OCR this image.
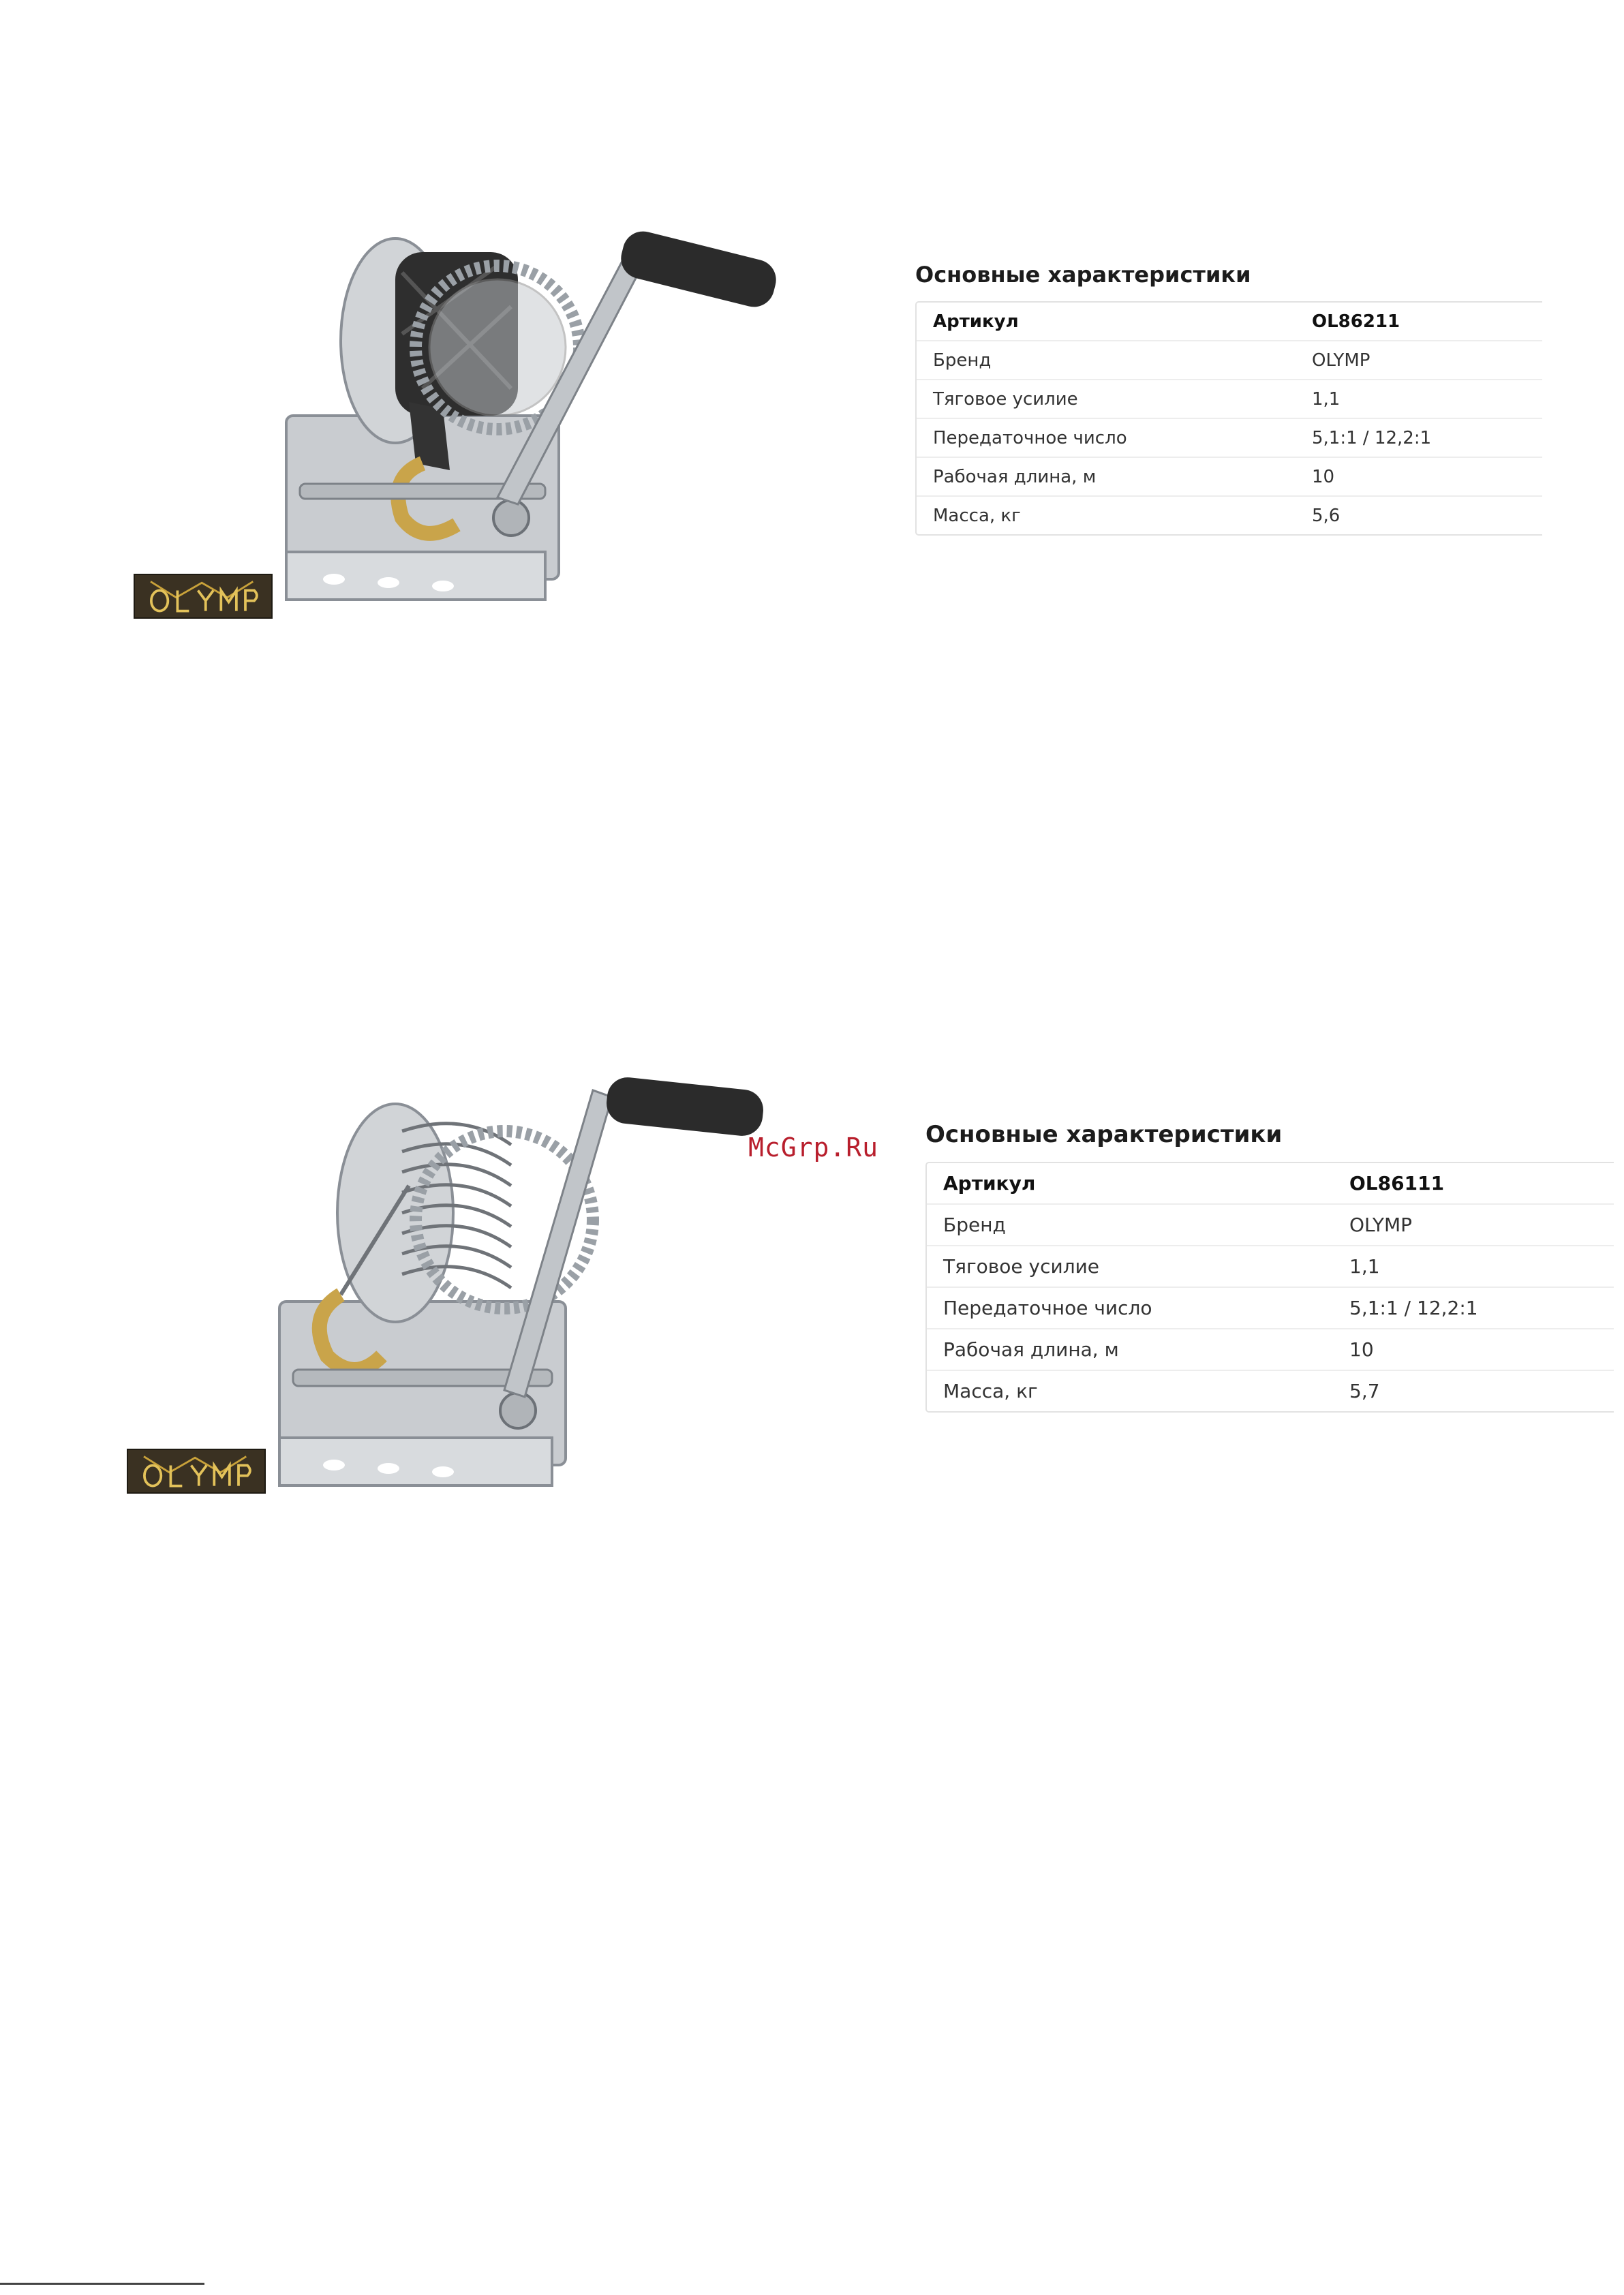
Основные характеристики
Артикул	OL86211
Бренд	OLYMP
Тяговое усилие	1,1
Передаточное число	5,1:1 / 12,2:1
Рабочая длина, м	10
Масса, кг	5,6
McGrp.Ru Основные характеристики
Артикул	OL86111
Бренд	OLYMP
Тяговое усилие	1,1
Передаточное число	5,1:1 / 12,2:1
Рабочая длина, м	10
Масса, кг	5,7
